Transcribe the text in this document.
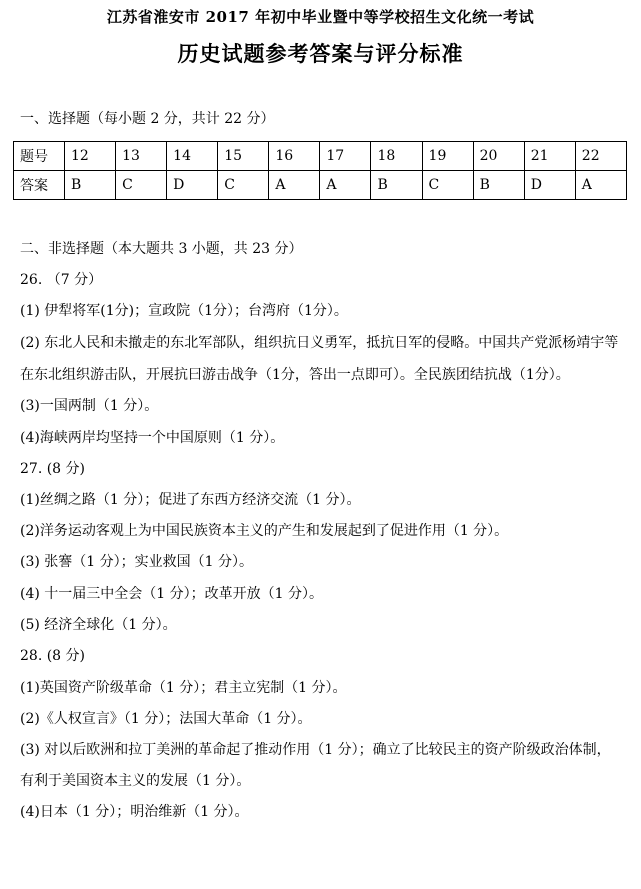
江苏省淮安市 2017 年初中毕业暨中等学校招生文化统一考试
历史试题参考答案与评分标准
一、选择题（每小题 2 分，共计 22 分）
题号	12	13	14	15	16	17	18	19	20	21	22
答案	B	C	D	C	A	A	B	C	B	D	A
二、非选择题（本大题共 3 小题，共 23 分）
26. （7 分）
(1) 伊犁将军(1分)；宣政院（1分）；台湾府（1分）。
(2) 东北人民和未撤走的东北军部队，组织抗日义勇军，抵抗日军的侵略。中国共产党派杨靖宇等
在东北组织游击队，开展抗曰游击战争（1分，答出一点即可）。全民族团结抗战（1分）。
(3)一国两制（1 分）。
(4)海峡两岸均坚持一个中国原则（1 分）。
27. (8 分)
(1)丝绸之路（1 分）；促进了东西方经济交流（1 分）。
(2)洋务运动客观上为中国民族资本主义的产生和发展起到了促进作用（1 分）。
(3) 张謇（1 分）；实业救国（1 分）。
(4) 十一届三中全会（1 分）；改革开放（1 分）。
(5) 经济全球化（1 分）。
28. (8 分)
(1)英国资产阶级革命（1 分）；君主立宪制（1 分）。
(2)《人权宣言》（1 分）；法国大革命（1 分）。
(3) 对以后欧洲和拉丁美洲的革命起了推动作用（1 分）；确立了比较民主的资产阶级政治体制，
有利于美国资本主义的发展（1 分）。
(4)日本（1 分）；明治维新（1 分）。
